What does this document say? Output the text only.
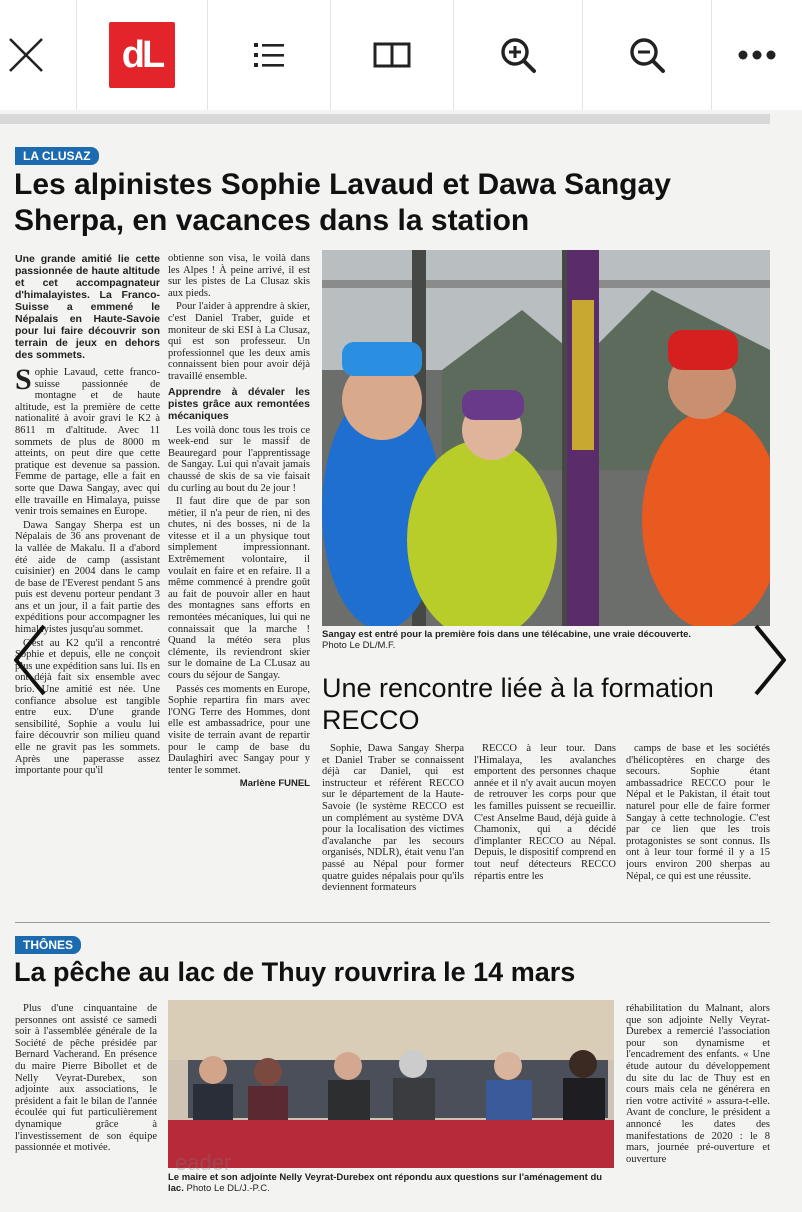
dL
LA CLUSAZ
Les alpinistes Sophie Lavaud et Dawa Sangay
Sherpa, en vacances dans la station
Une grande amitié lie cette passionnée de haute altitude et cet accompagnateur d'himalayistes. La Franco-Suisse a emmené le Népalais en Haute-Savoie pour lui faire découvrir son terrain de jeux en dehors des sommets.

Sophie Lavaud, cette franco-suisse passionnée de montagne et de haute altitude, est la première de cette nationalité à avoir gravi le K2 à 8611 m d'altitude. Avec 11 sommets de plus de 8000 m atteints, on peut dire que cette pratique est devenue sa passion. Femme de partage, elle a fait en sorte que Dawa Sangay, avec qui elle travaille en Himalaya, puisse venir trois semaines en Europe.

Dawa Sangay Sherpa est un Népalais de 36 ans provenant de la vallée de Makalu. Il a d'abord été aide de camp (assistant cuisinier) en 2004 dans le camp de base de l'Everest pendant 5 ans puis est devenu porteur pendant 3 ans et un jour, il a fait partie des expéditions pour accompagner les himalayistes jusqu'au sommet.

C'est au K2 qu'il a rencontré Sophie et depuis, elle ne conçoit plus une expédition sans lui. Ils en ont déjà fait six ensemble avec brio. Une amitié est née. Une confiance absolue est tangible entre eux. D'une grande sensibilité, Sophie a voulu lui faire découvrir son milieu quand elle ne gravit pas les sommets. Après une paperasse assez importante pour qu'il

obtienne son visa, le voilà dans les Alpes ! À peine arrivé, il est sur les pistes de La Clusaz skis aux pieds.

Pour l'aider à apprendre à skier, c'est Daniel Traber, guide et moniteur de ski ESI à La Clusaz, qui est son professeur. Un professionnel que les deux amis connaissent bien pour avoir déjà travaillé ensemble.

Apprendre à dévaler les pistes grâce aux remontées mécaniques

Les voilà donc tous les trois ce week-end sur le massif de Beauregard pour l'apprentissage de Sangay. Lui qui n'avait jamais chaussé de skis de sa vie faisait du curling au bout du 2e jour !

Il faut dire que de par son métier, il n'a peur de rien, ni des chutes, ni des bosses, ni de la vitesse et il a un physique tout simplement impressionnant. Extrêmement volontaire, il voulait en faire et en refaire. Il a même commencé à prendre goût au fait de pouvoir aller en haut des montagnes sans efforts en remontées mécaniques, lui qui ne connaissait que la marche ! Quand la météo sera plus clémente, ils reviendront skier sur le domaine de La CLusaz au cours du séjour de Sangay.

Passés ces moments en Europe, Sophie repartira fin mars avec l'ONG Terre des Hommes, dont elle est ambassadrice, pour une visite de terrain avant de repartir pour le camp de base du Daulaghiri avec Sangay pour y tenter le sommet.

Marlène FUNEL
Sangay est entré pour la première fois dans une télécabine, une vraie découverte.
Photo Le DL/M.F.
Une rencontre liée à la formation
RECCO

Sophie, Dawa Sangay Sherpa et Daniel Traber se connaissent déjà car Daniel, qui est instructeur et référent RECCO sur le département de la Haute-Savoie (le système RECCO est un complément au système DVA pour la localisation des victimes d'avalanche par les secours organisés, NDLR), était venu l'an passé au Népal pour former quatre guides népalais pour qu'ils deviennent formateurs

RECCO à leur tour. Dans l'Himalaya, les avalanches emportent des personnes chaque année et il n'y avait aucun moyen de retrouver les corps pour que les familles puissent se recueillir. C'est Anselme Baud, déjà guide à Chamonix, qui a décidé d'implanter RECCO au Népal. Depuis, le dispositif comprend en tout neuf détecteurs RECCO répartis entre les

camps de base et les sociétés d'hélicoptères en charge des secours. Sophie étant ambassadrice RECCO pour le Népal et le Pakistan, il était tout naturel pour elle de faire former Sangay à cette technologie. C'est par ce lien que les trois protagonistes se sont connus. Ils ont à leur tour formé il y a 15 jours environ 200 sherpas au Népal, ce qui est une réussite.

THÔNES
La pêche au lac de Thuy rouvrira le 14 mars

Plus d'une cinquantaine de personnes ont assisté ce samedi soir à l'assemblée générale de la Société de pêche présidée par Bernard Vacherand. En présence du maire Pierre Bibollet et de Nelly Veyrat-Durebex, son adjointe aux associations, le président a fait le bilan de l'année écoulée qui fut particulièrement dynamique grâce à l'investissement de son équipe passionnée et motivée.

Le maire et son adjointe Nelly Veyrat-Durebex ont répondu aux questions sur l'aménagement du lac. Photo Le DL/J.-P.C.

réhabilitation du Malnant, alors que son adjointe Nelly Veyrat-Durebex a remercié l'association pour son dynamisme et l'encadrement des enfants. « Une étude autour du développement du site du lac de Thuy est en cours mais cela ne générera en rien votre activité » assura-t-elle. Avant de conclure, le président a annoncé les dates des manifestations de 2020 : le 8 mars, journée pré-ouverture et ouverture

eader
